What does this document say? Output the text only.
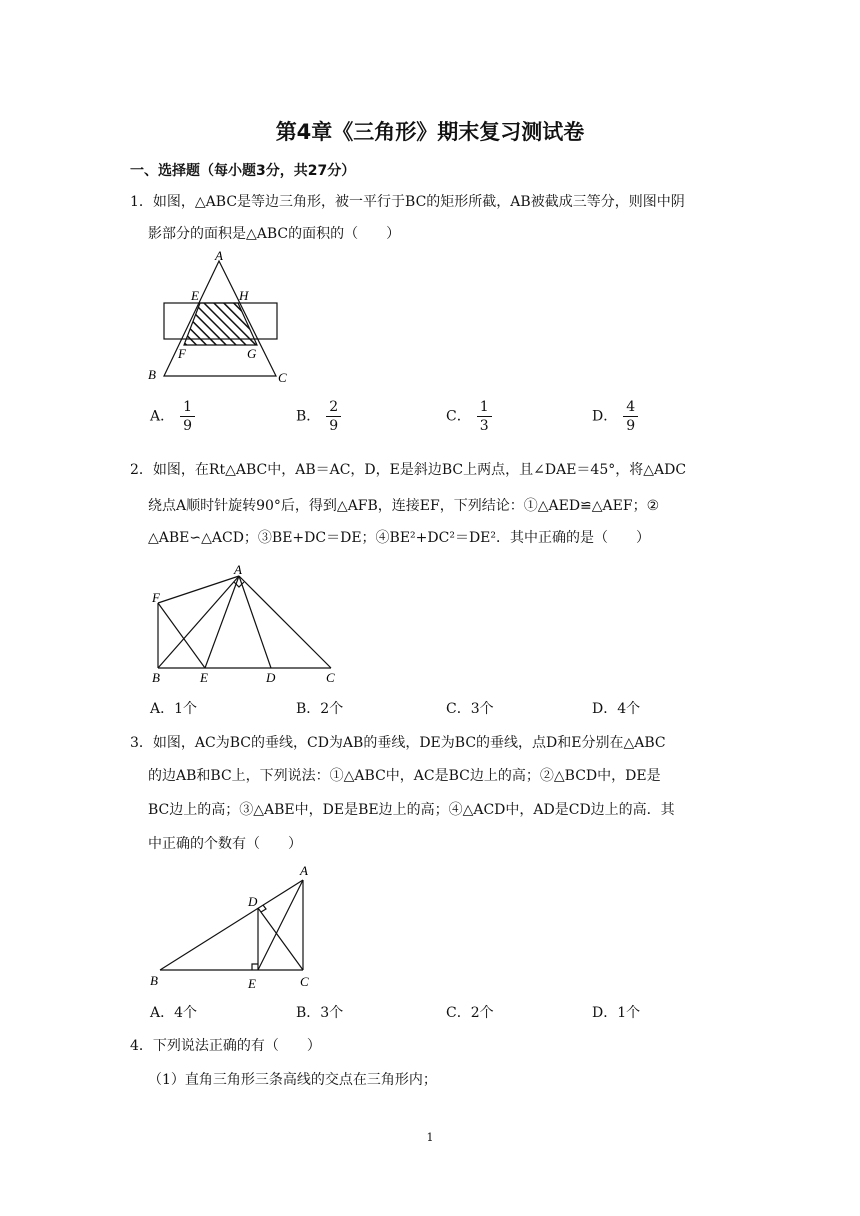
第4章《三角形》期末复习测试卷
一、选择题（每小题3分，共27分）
1．如图，△ABC是等边三角形，被一平行于BC的矩形所截，AB被截成三等分，则图中阴
影部分的面积是△ABC的面积的（　　）
A
E	H
F	G
B	C
A． $\frac{1}{9}$	B． $\frac{2}{9}$	C． $\frac{1}{3}$	D． $\frac{4}{9}$
2．如图，在Rt△ABC中，AB＝AC，D，E是斜边BC上两点，且∠DAE＝45°，将△ADC
绕点A顺时针旋转90°后，得到△AFB，连接EF，下列结论：①△AED≌△AEF；②
△ABE∽△ACD；③BE+DC＝DE；④BE²+DC²＝DE²．其中正确的是（　　）
A
F
B	E	D	C
A．1个	B．2个	C．3个	D．4个
3．如图，AC为BC的垂线，CD为AB的垂线，DE为BC的垂线，点D和E分别在△ABC
的边AB和BC上，下列说法：①△ABC中，AC是BC边上的高；②△BCD中，DE是
BC边上的高；③△ABE中，DE是BE边上的高；④△ACD中，AD是CD边上的高．其
中正确的个数有（　　）
A
D
B	E	C
A．4个	B．3个	C．2个	D．1个
4．下列说法正确的有（　　）
（1）直角三角形三条高线的交点在三角形内；
1
